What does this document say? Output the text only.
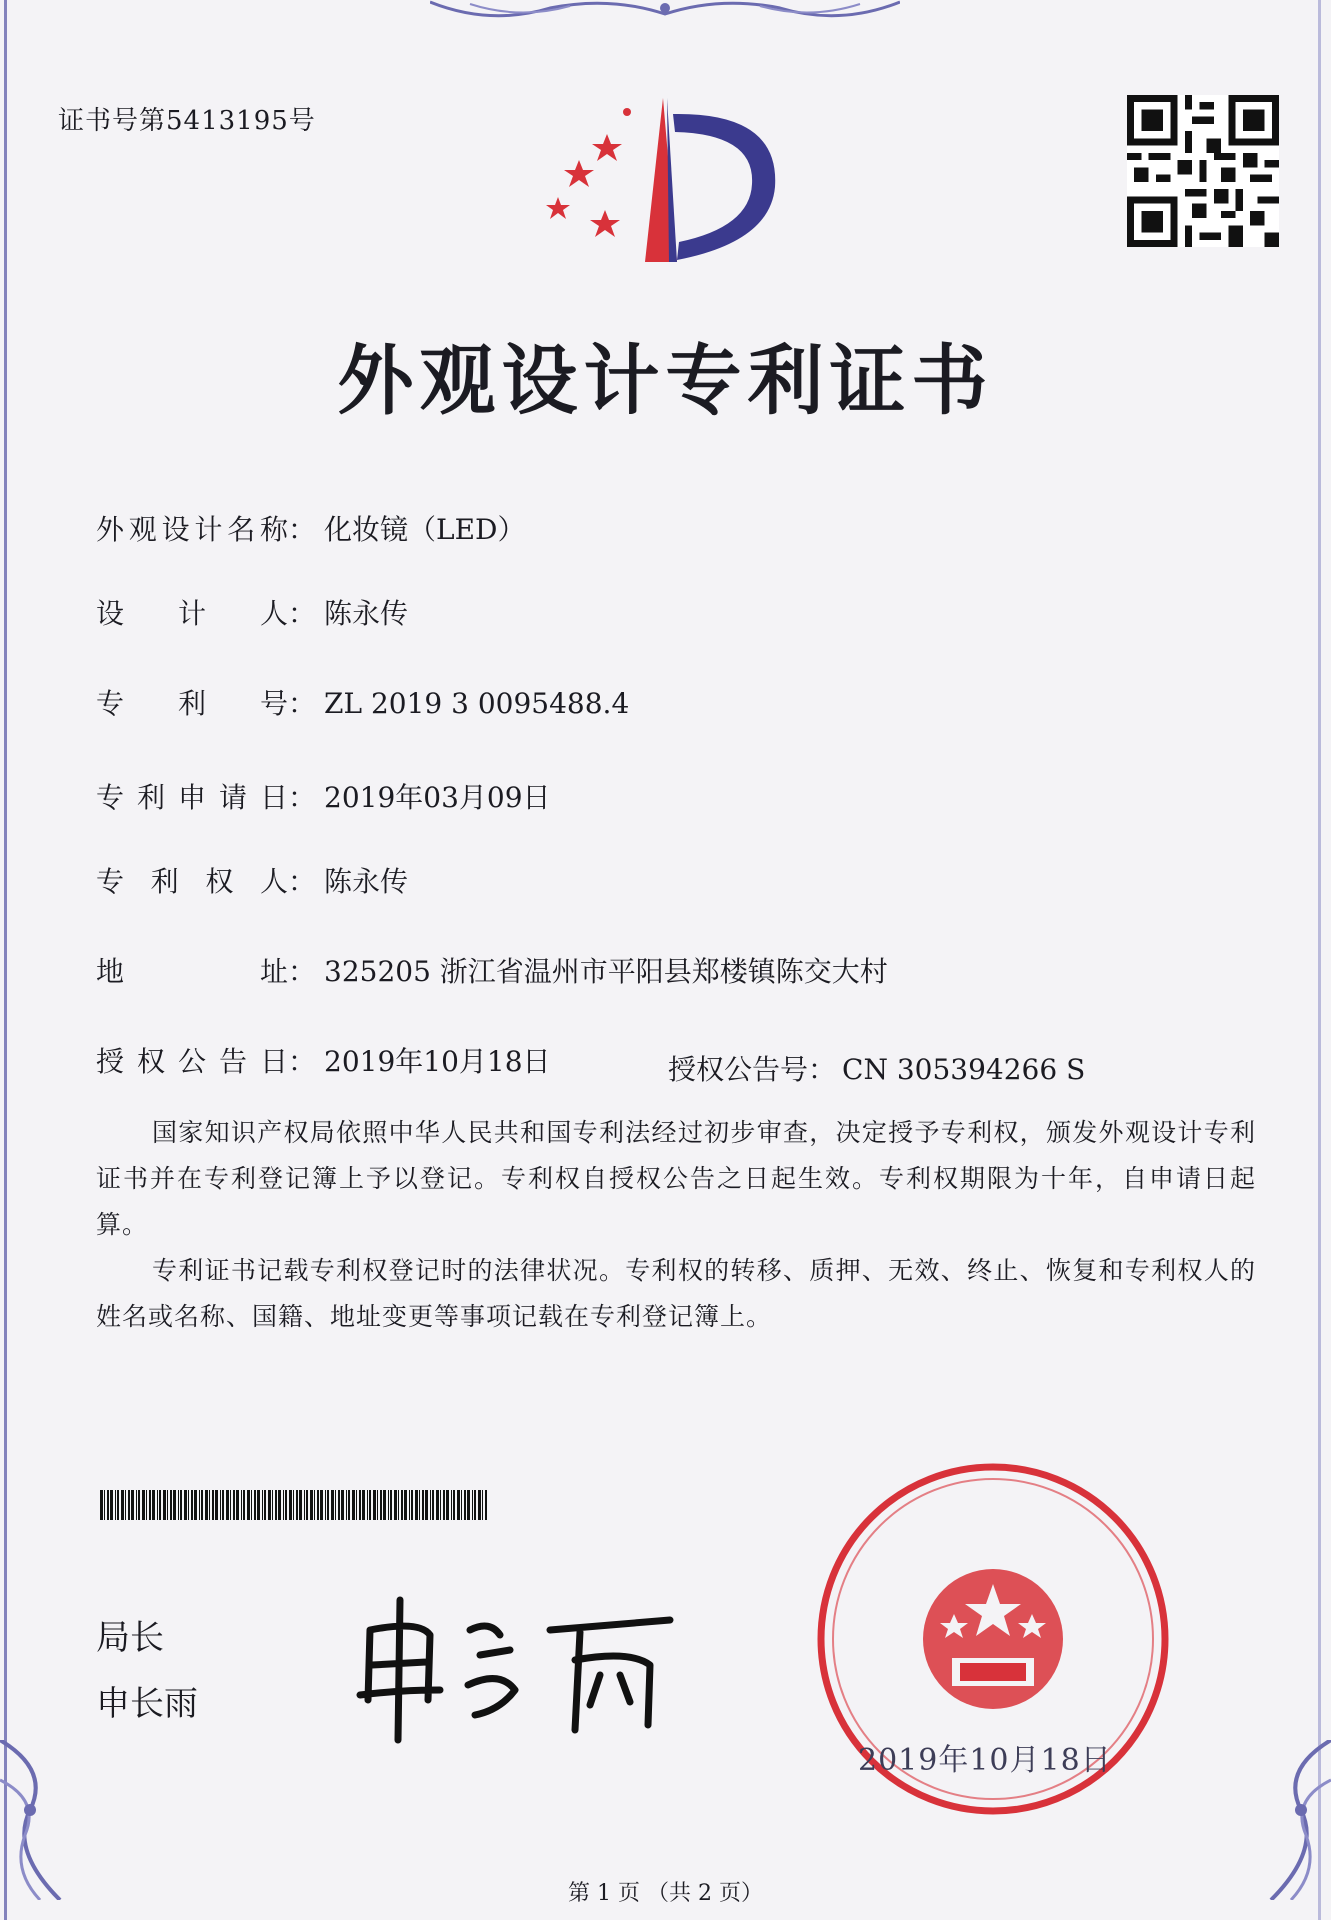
证书号第5413195号
外观设计专利证书
外观设计名称： 化妆镜（LED）
设计人： 陈永传
专利号： ZL 2019 3 0095488.4
专利申请日： 2019年03月09日
专利权人： 陈永传
地址： 325205 浙江省温州市平阳县郑楼镇陈交大村
授权公告日： 2019年10月18日	授权公告号： CN 305394266 S
国家知识产权局依照中华人民共和国专利法经过初步审查，决定授予专利权，颁发外观设计专利证书并在专利登记簿上予以登记。专利权自授权公告之日起生效。专利权期限为十年，自申请日起算。
专利证书记载专利权登记时的法律状况。专利权的转移、质押、无效、终止、恢复和专利权人的姓名或名称、国籍、地址变更等事项记载在专利登记簿上。
局长
申长雨
2019年10月18日
第 1 页 （共 2 页）
